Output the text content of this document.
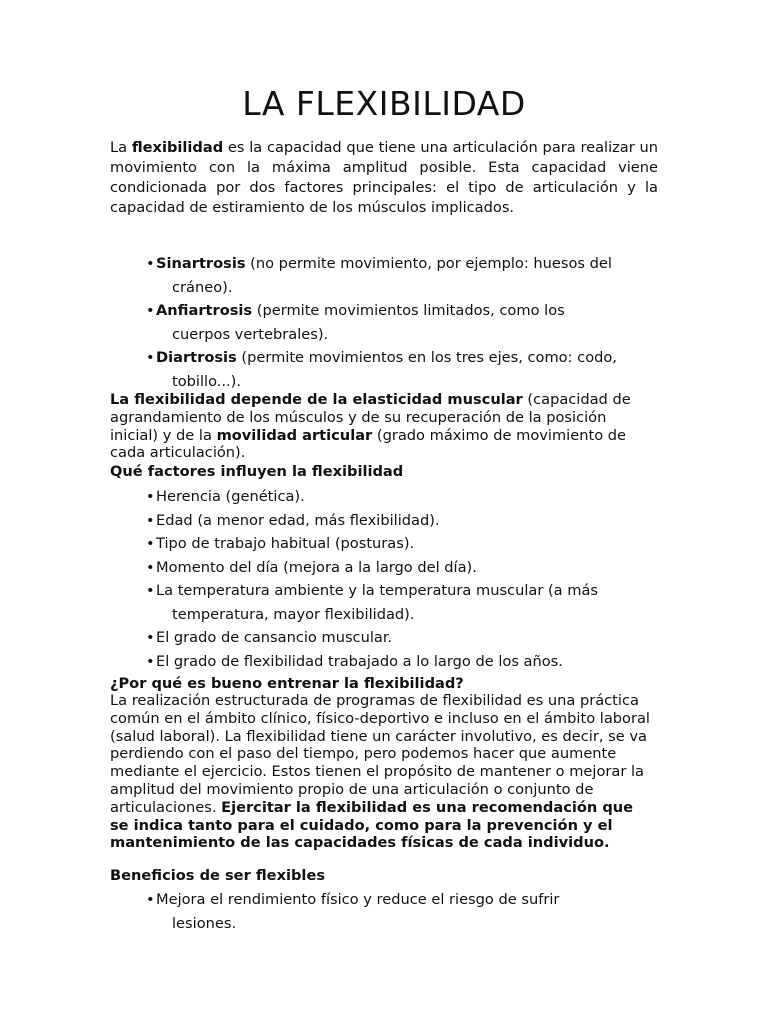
LA FLEXIBILIDAD

La flexibilidad es la capacidad que tiene una articulación para realizar un movimiento con la máxima amplitud posible. Esta capacidad viene condicionada por dos factores principales: el tipo de articulación y la capacidad de estiramiento de los músculos implicados.

• Sinartrosis (no permite movimiento, por ejemplo: huesos del
cráneo).
• Anfiartrosis (permite movimientos limitados, como los
cuerpos vertebrales).
• Diartrosis (permite movimientos en los tres ejes, como: codo,
tobillo...).

La flexibilidad depende de la elasticidad muscular (capacidad de agrandamiento de los músculos y de su recuperación de la posición inicial) y de la movilidad articular (grado máximo de movimiento de cada articulación).

Qué factores influyen la flexibilidad

• Herencia (genética).
• Edad (a menor edad, más flexibilidad).
• Tipo de trabajo habitual (posturas).
• Momento del día (mejora a la largo del día).
• La temperatura ambiente y la temperatura muscular (a más
temperatura, mayor flexibilidad).
• El grado de cansancio muscular.
• El grado de flexibilidad trabajado a lo largo de los años.

¿Por qué es bueno entrenar la flexibilidad?

La realización estructurada de programas de flexibilidad es una práctica común en el ámbito clínico, físico-deportivo e incluso en el ámbito laboral (salud laboral). La flexibilidad tiene un carácter involutivo, es decir, se va perdiendo con el paso del tiempo, pero podemos hacer que aumente mediante el ejercicio. Estos tienen el propósito de mantener o mejorar la amplitud del movimiento propio de una articulación o conjunto de articulaciones. Ejercitar la flexibilidad es una recomendación que se indica tanto para el cuidado, como para la prevención y el mantenimiento de las capacidades físicas de cada individuo.

Beneficios de ser flexibles

• Mejora el rendimiento físico y reduce el riesgo de sufrir
lesiones.
